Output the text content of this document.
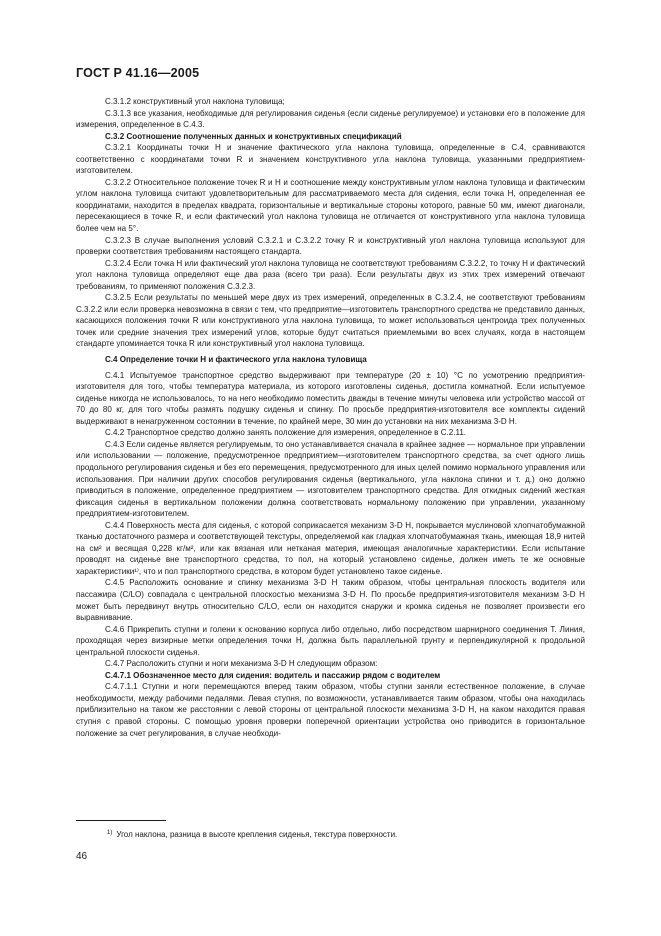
ГОСТ Р 41.16—2005

C.3.1.2 конструктивный угол наклона туловища;

C.3.1.3 все указания, необходимые для регулирования сиденья (если сиденье регулируемое) и установки его в положение для измерения, определенное в С.4.3.

С.3.2 Соотношение полученных данных и конструктивных спецификаций

С.3.2.1 Координаты точки H и значение фактического угла наклона туловища, определенные в С.4, сравниваются соответственно с координатами точки R и значением конструктивного угла наклона туловища, указанными предприятием-изготовителем.

С.3.2.2 Относительное положение точек R и H и соотношение между конструктивным углом наклона туловища и фактическим углом наклона туловища считают удовлетворительным для рассматриваемого места для сидения, если точка H, определенная ее координатами, находится в пределах квадрата, горизонтальные и вертикальные стороны которого, равные 50 мм, имеют диагонали, пересекающиеся в точке R, и если фактический угол наклона туловища не отличается от конструктивного угла наклона туловища более чем на 5°.

С.3.2.3 В случае выполнения условий С.3.2.1 и С.3.2.2 точку R и конструктивный угол наклона туловища используют для проверки соответствия требованиям настоящего стандарта.

С.3.2.4 Если точка H или фактический угол наклона туловища не соответствуют требованиям С.3.2.2, то точку H и фактический угол наклона туловища определяют еще два раза (всего три раза). Если результаты двух из этих трех измерений отвечают требованиям, то применяют положения С.3.2.3.

С.3.2.5 Если результаты по меньшей мере двух из трех измерений, определенных в С.3.2.4, не соответствуют требованиям С.3.2.2 или если проверка невозможна в связи с тем, что предприятие—изготовитель транспортного средства не представило данных, касающихся положения точки R или конструктивного угла наклона туловища, то может использоваться центроида трех полученных точек или средние значения трех измерений углов, которые будут считаться приемлемыми во всех случаях, когда в настоящем стандарте упоминается точка R или конструктивный угол наклона туловища.

С.4 Определение точки H и фактического угла наклона туловища

С.4.1 Испытуемое транспортное средство выдерживают при температуре (20 ± 10) °С по усмотрению предприятия-изготовителя для того, чтобы температура материала, из которого изготовлены сиденья, достигла комнатной. Если испытуемое сиденье никогда не использовалось, то на него необходимо поместить дважды в течение минуты человека или устройство массой от 70 до 80 кг, для того чтобы размять подушку сиденья и спинку. По просьбе предприятия-изготовителя все комплекты сидений выдерживают в ненагруженном состоянии в течение, по крайней мере, 30 мин до установки на них механизма 3-D H.

С.4.2 Транспортное средство должно занять положение для измерения, определенное в С.2.11.

С.4.3 Если сиденье является регулируемым, то оно устанавливается сначала в крайнее заднее — нормальное при управлении или использовании — положение, предусмотренное предприятием—изготовителем транспортного средства, за счет одного лишь продольного регулирования сиденья и без его перемещения, предусмотренного для иных целей помимо нормального управления или использования. При наличии других способов регулирования сиденья (вертикального, угла наклона спинки и т. д.) оно должно приводиться в положение, определенное предприятием — изготовителем транспортного средства. Для откидных сидений жесткая фиксация сиденья в вертикальном положении должна соответствовать нормальному положению при управлении, указанному предприятием-изготовителем.

С.4.4 Поверхность места для сиденья, с которой соприкасается механизм 3-D H, покрывается муслиновой хлопчатобумажной тканью достаточного размера и соответствующей текстуры, определяемой как гладкая хлопчатобумажная ткань, имеющая 18,9 нитей на см² и весящая 0,228 кг/м², или как вязаная или нетканая материя, имеющая аналогичные характеристики. Если испытание проводят на сиденье вне транспортного средства, то пол, на который установлено сиденье, должен иметь те же основные характеристики¹⁾, что и пол транспортного средства, в котором будет установлено такое сиденье.

С.4.5 Расположить основание и спинку механизма 3-D H таким образом, чтобы центральная плоскость водителя или пассажира (C/LO) совпадала с центральной плоскостью механизма 3-D H. По просьбе предприятия-изготовителя механизм 3-D H может быть передвинут внутрь относительно C/LO, если он находится снаружи и кромка сиденья не позволяет произвести его выравнивание.

С.4.6 Прикрепить ступни и голени к основанию корпуса либо отдельно, либо посредством шарнирного соединения T. Линия, проходящая через визирные метки определения точки H, должна быть параллельной грунту и перпендикулярной к продольной центральной плоскости сиденья.

С.4.7 Расположить ступни и ноги механизма 3-D H следующим образом:

С.4.7.1 Обозначенное место для сидения: водитель и пассажир рядом с водителем

С.4.7.1.1 Ступни и ноги перемещаются вперед таким образом, чтобы ступни заняли естественное положение, в случае необходимости, между рабочими педалями. Левая ступня, по возможности, устанавливается таким образом, чтобы она находилась приблизительно на таком же расстоянии с левой стороны от центральной плоскости механизма 3-D H, на каком находится правая ступня с правой стороны. С помощью уровня проверки поперечной ориентации устройства оно приводится в горизонтальное положение за счет регулирования, в случае необходи-

$^{1)}$ Угол наклона, разница в высоте крепления сиденья, текстура поверхности.
46
